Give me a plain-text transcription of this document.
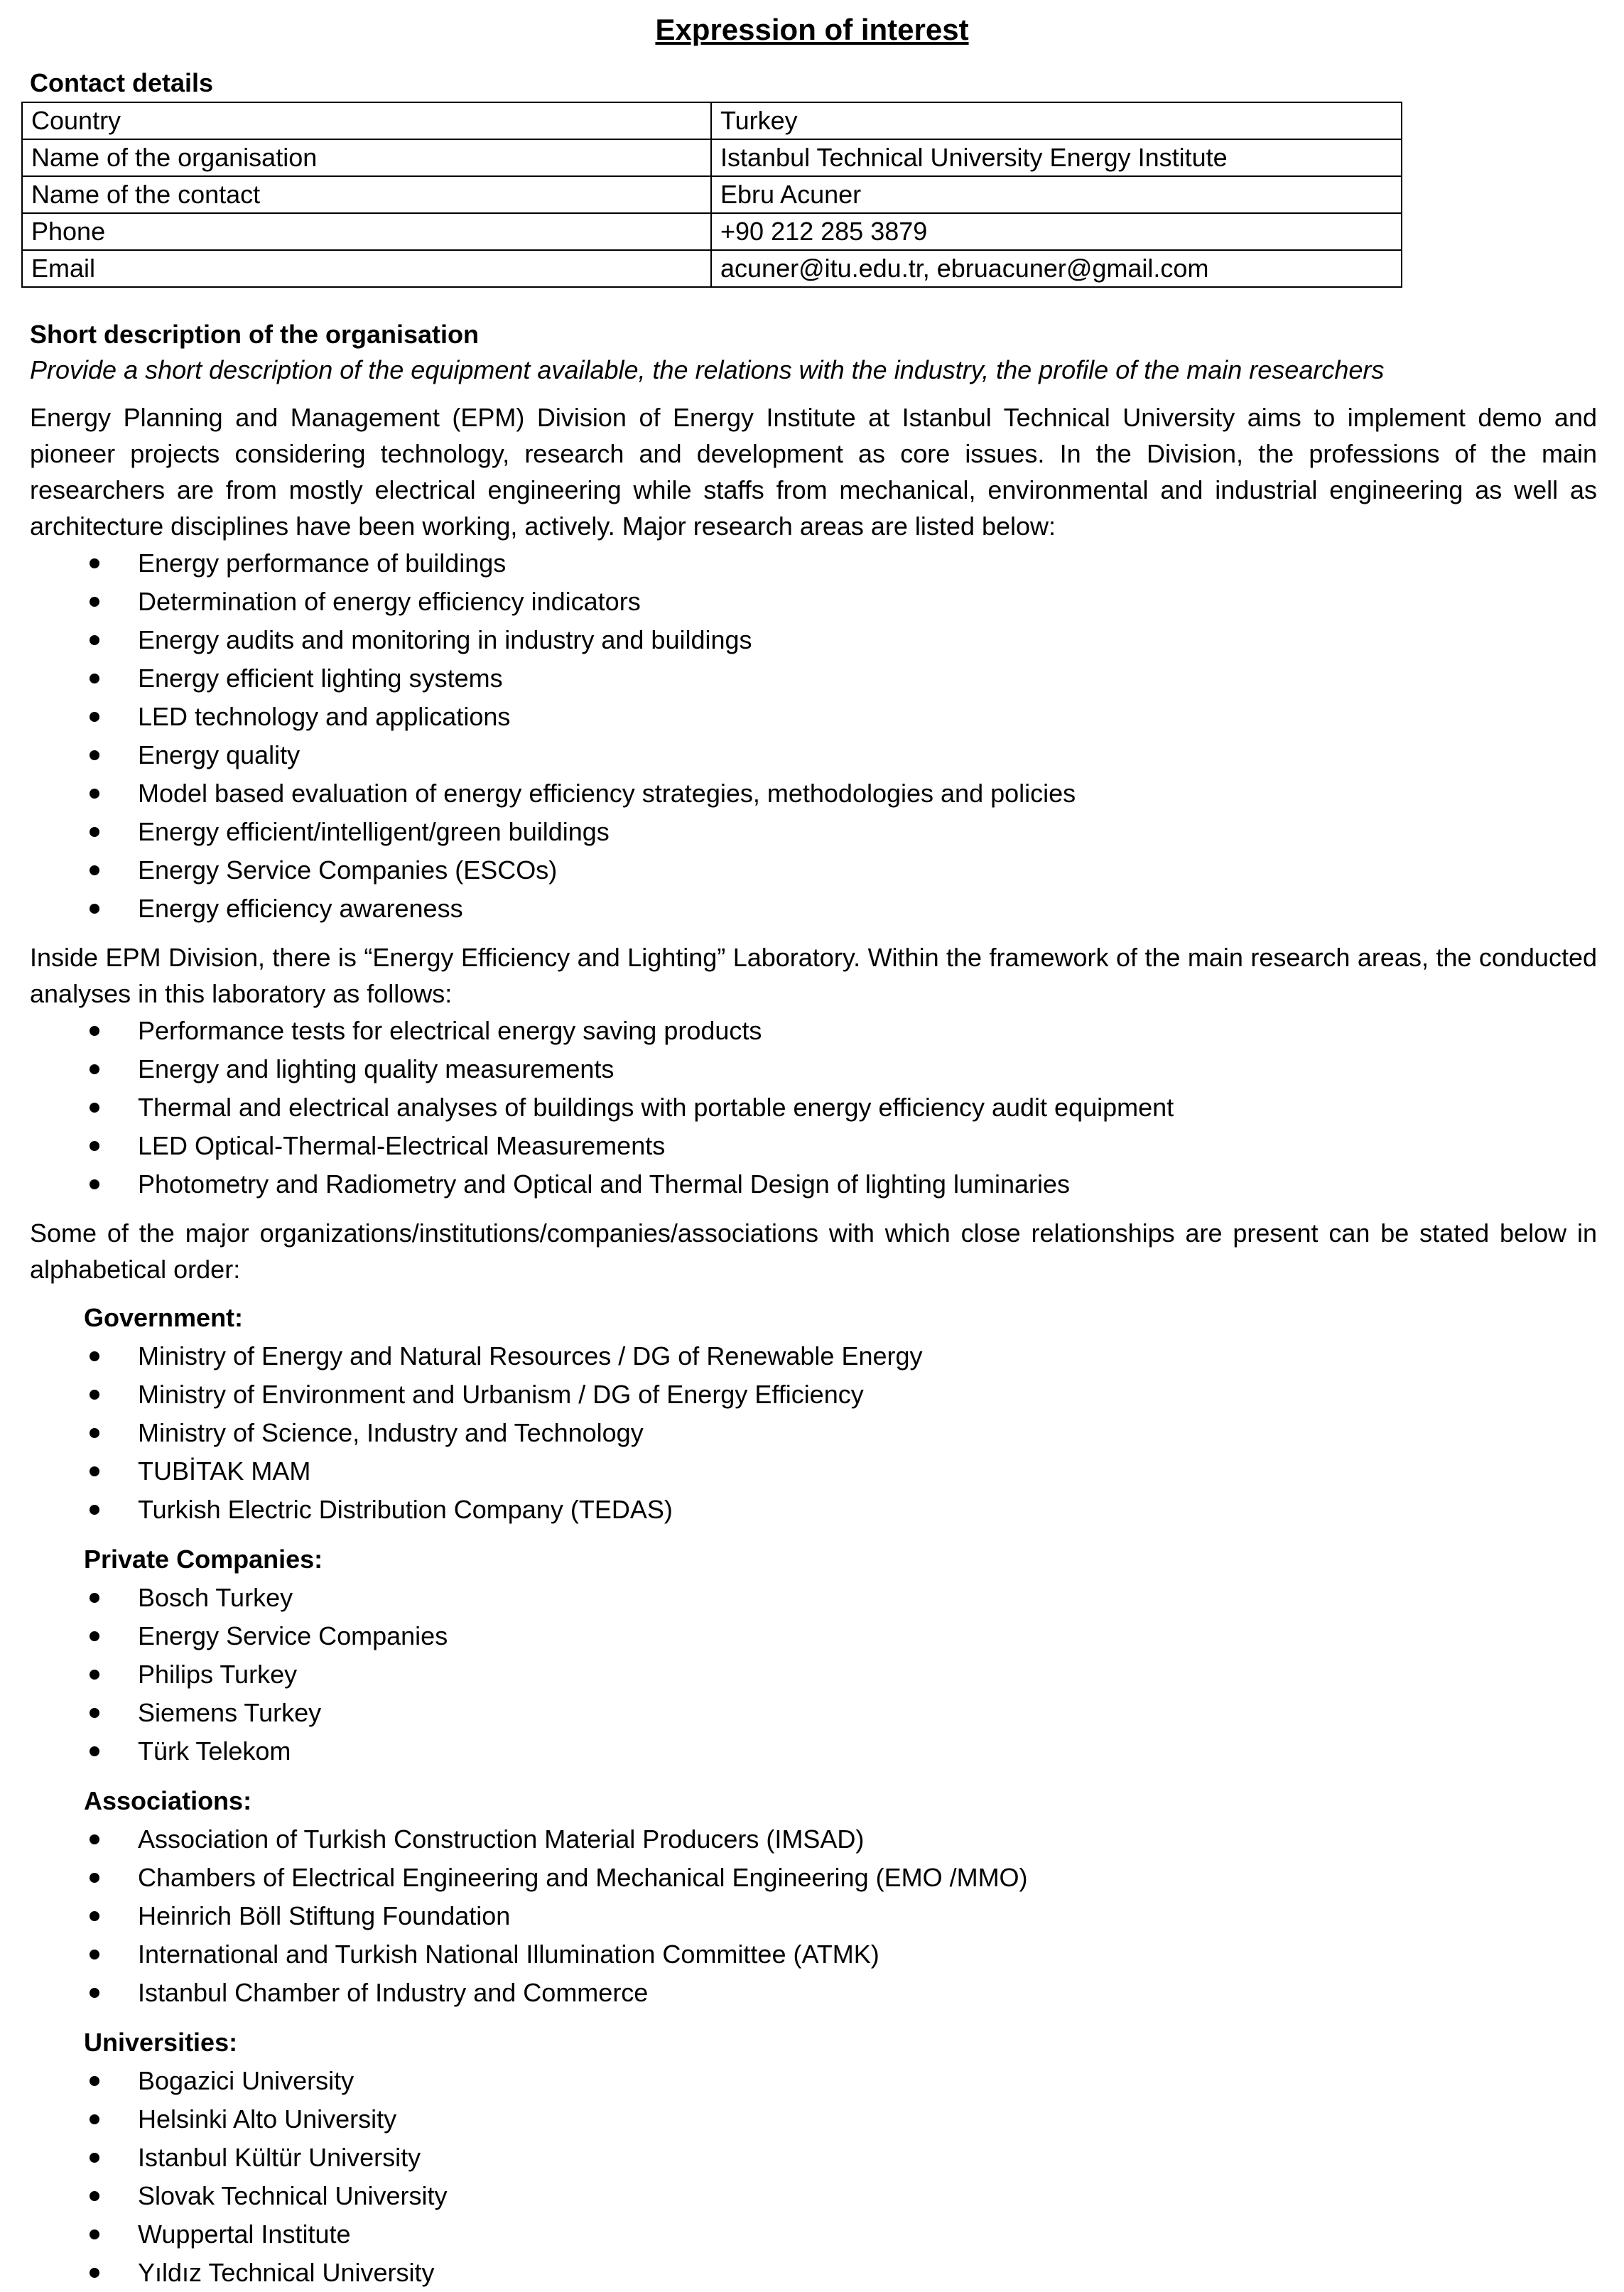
Expression of interest
Contact details
Country	Turkey
Name of the organisation	Istanbul Technical University Energy Institute
Name of the contact	Ebru Acuner
Phone	+90 212 285 3879
Email	acuner@itu.edu.tr, ebruacuner@gmail.com
Short description of the organisation

Provide a short description of the equipment available, the relations with the industry, the profile of the main researchers

Energy Planning and Management (EPM) Division of Energy Institute at Istanbul Technical University aims to implement demo and pioneer projects considering technology, research and development as core issues. In the Division, the professions of the main researchers are from mostly electrical engineering while staffs from mechanical, environmental and industrial engineering as well as architecture disciplines have been working, actively. Major research areas are listed below:

Energy performance of buildings
Determination of energy efficiency indicators
Energy audits and monitoring in industry and buildings
Energy efficient lighting systems
LED technology and applications
Energy quality
Model based evaluation of energy efficiency strategies, methodologies and policies
Energy efficient/intelligent/green buildings
Energy Service Companies (ESCOs)
Energy efficiency awareness

Inside EPM Division, there is “Energy Efficiency and Lighting” Laboratory. Within the framework of the main research areas, the conducted analyses in this laboratory as follows:

Performance tests for electrical energy saving products
Energy and lighting quality measurements
Thermal and electrical analyses of buildings with portable energy efficiency audit equipment
LED Optical-Thermal-Electrical Measurements
Photometry and Radiometry and Optical and Thermal Design of lighting luminaries

Some of the major organizations/institutions/companies/associations with which close relationships are present can be stated below in alphabetical order:

Government:

Ministry of Energy and Natural Resources / DG of Renewable Energy
Ministry of Environment and Urbanism / DG of Energy Efficiency
Ministry of Science, Industry and Technology
TUBİTAK MAM
Turkish Electric Distribution Company (TEDAS)

Private Companies:

Bosch Turkey
Energy Service Companies
Philips Turkey
Siemens Turkey
Türk Telekom

Associations:

Association of Turkish Construction Material Producers (IMSAD)
Chambers of Electrical Engineering and Mechanical Engineering (EMO /MMO)
Heinrich Böll Stiftung Foundation
International and Turkish National Illumination Committee (ATMK)
Istanbul Chamber of Industry and Commerce

Universities:

Bogazici University
Helsinki Alto University
Istanbul Kültür University
Slovak Technical University
Wuppertal Institute
Yıldız Technical University
